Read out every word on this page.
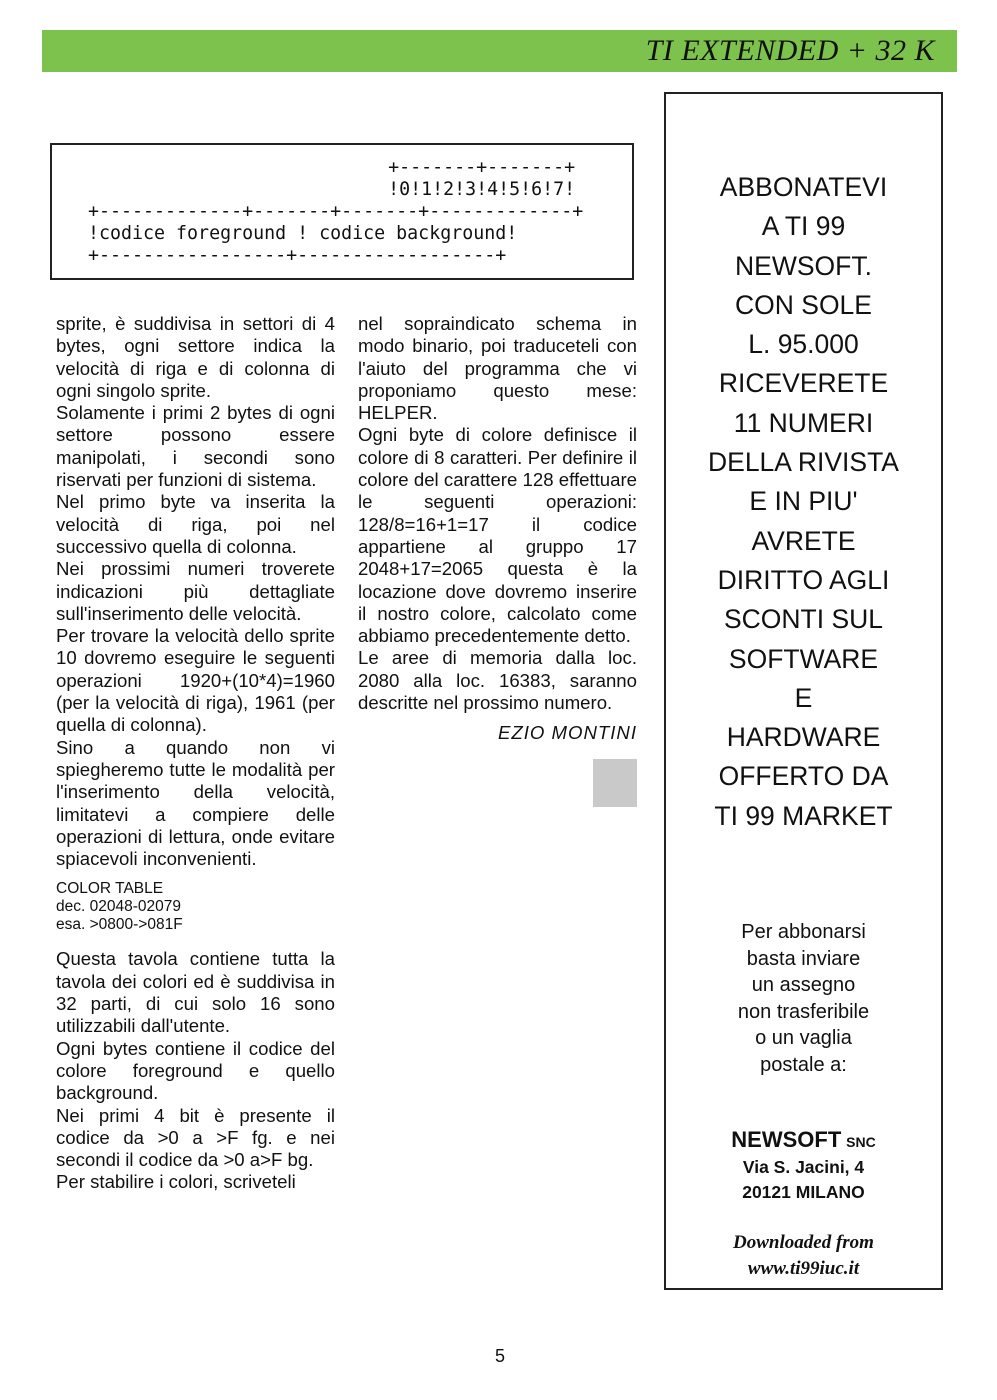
TI EXTENDED + 32 K
+-------+-------+
!0!1!2!3!4!5!6!7!
+-------------+-------+-------+-------------+
!codice foreground ! codice background!
+-----------------+------------------+

sprite, è suddivisa in settori di 4 bytes, ogni settore indica la velocità di riga e di colonna di ogni singolo sprite.

Solamente i primi 2 bytes di ogni settore possono essere manipolati, i secondi sono riservati per funzioni di sistema.

Nel primo byte va inserita la velocità di riga, poi nel successivo quella di colonna.

Nei prossimi numeri troverete indicazioni più dettagliate sull'inserimento delle velocità.

Per trovare la velocità dello sprite 10 dovremo eseguire le seguenti operazioni 1920+(10*4)=1960 (per la velocità di riga), 1961 (per quella di colonna).

Sino a quando non vi spiegheremo tutte le modalità per l'inserimento della velocità, limitatevi a compiere delle operazioni di lettura, onde evitare spiacevoli inconvenienti.

COLOR TABLE
dec. 02048-02079
esa. >0800->081F

Questa tavola contiene tutta la tavola dei colori ed è suddivisa in 32 parti, di cui solo 16 sono utilizzabili dall'utente.

Ogni bytes contiene il codice del colore foreground e quello background.

Nei primi 4 bit è presente il codice da >0 a >F fg. e nei secondi il codice da >0 a>F bg.

Per stabilire i colori, scriveteli

nel sopraindicato schema in modo binario, poi traduceteli con l'aiuto del programma che vi proponiamo questo mese: HELPER.

Ogni byte di colore definisce il colore di 8 caratteri. Per definire il colore del carattere 128 effettuare le seguenti operazioni: 128/8=16+1=17 il codice appartiene al gruppo 17 2048+17=2065 questa è la locazione dove dovremo inserire il nostro colore, calcolato come abbiamo precedentemente detto.

Le aree di memoria dalla loc. 2080 alla loc. 16383, saranno descritte nel prossimo numero.

EZIO MONTINI

ABBONATEVI
A TI 99
NEWSOFT.
CON SOLE
L. 95.000
RICEVERETE
11 NUMERI
DELLA RIVISTA
E IN PIU'
AVRETE
DIRITTO AGLI
SCONTI SUL
SOFTWARE
E
HARDWARE
OFFERTO DA
TI 99 MARKET
Per abbonarsi
basta inviare
un assegno
non trasferibile
o un vaglia
postale a:
NEWSOFT SNC
Via S. Jacini, 4
20121 MILANO
Downloaded from
www.ti99iuc.it
5
